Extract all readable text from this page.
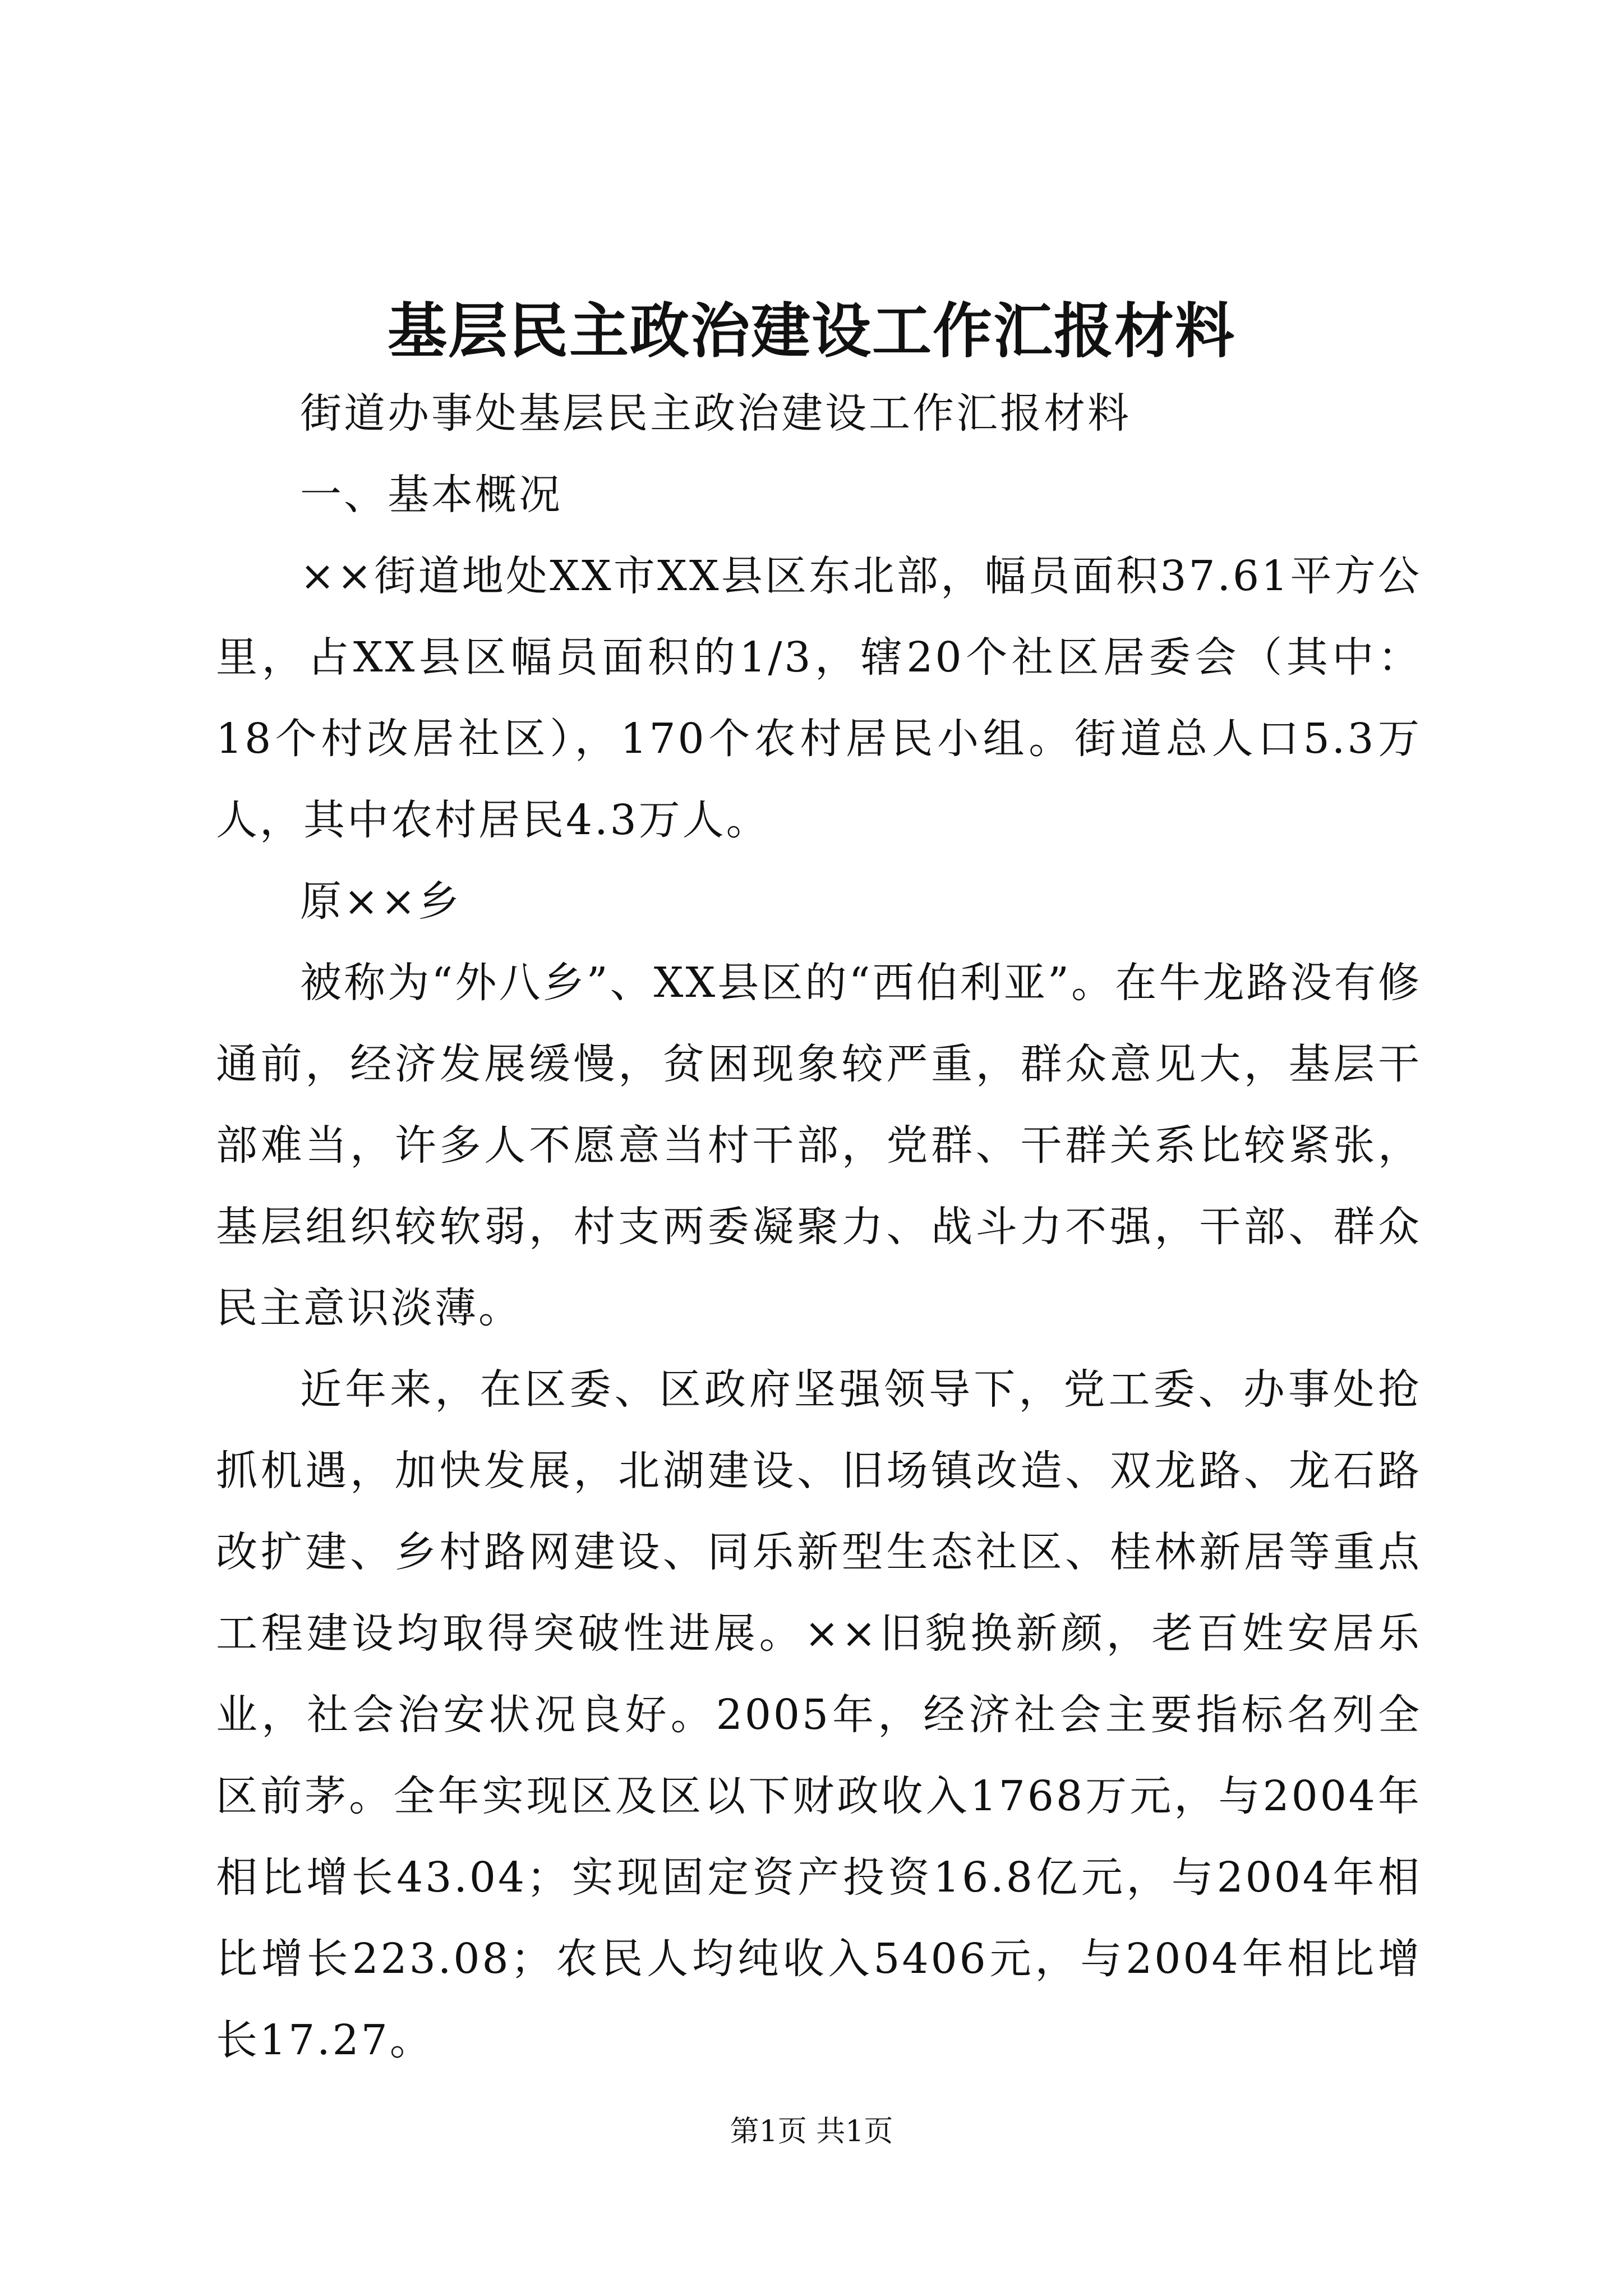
基层民主政治建设工作汇报材料

街道办事处基层民主政治建设工作汇报材料

一、基本概况

××街道地处XX市XX县区东北部，幅员面积37.61平方公里，占XX县区幅员面积的1/3，辖20个社区居委会（其中：18个村改居社区），170个农村居民小组。街道总人口5.3万人，其中农村居民4.3万人。

原××乡

被称为“外八乡”、XX县区的“西伯利亚”。在牛龙路没有修通前，经济发展缓慢，贫困现象较严重，群众意见大，基层干部难当，许多人不愿意当村干部，党群、干群关系比较紧张，基层组织较软弱，村支两委凝聚力、战斗力不强，干部、群众民主意识淡薄。

近年来，在区委、区政府坚强领导下，党工委、办事处抢抓机遇，加快发展，北湖建设、旧场镇改造、双龙路、龙石路改扩建、乡村路网建设、同乐新型生态社区、桂林新居等重点工程建设均取得突破性进展。××旧貌换新颜，老百姓安居乐业，社会治安状况良好。2005年，经济社会主要指标名列全区前茅。全年实现区及区以下财政收入1768万元，与2004年相比增长43.04；实现固定资产投资16.8亿元，与2004年相比增长223.08；农民人均纯收入5406元，与2004年相比增长17.27。

第1页 共1页
